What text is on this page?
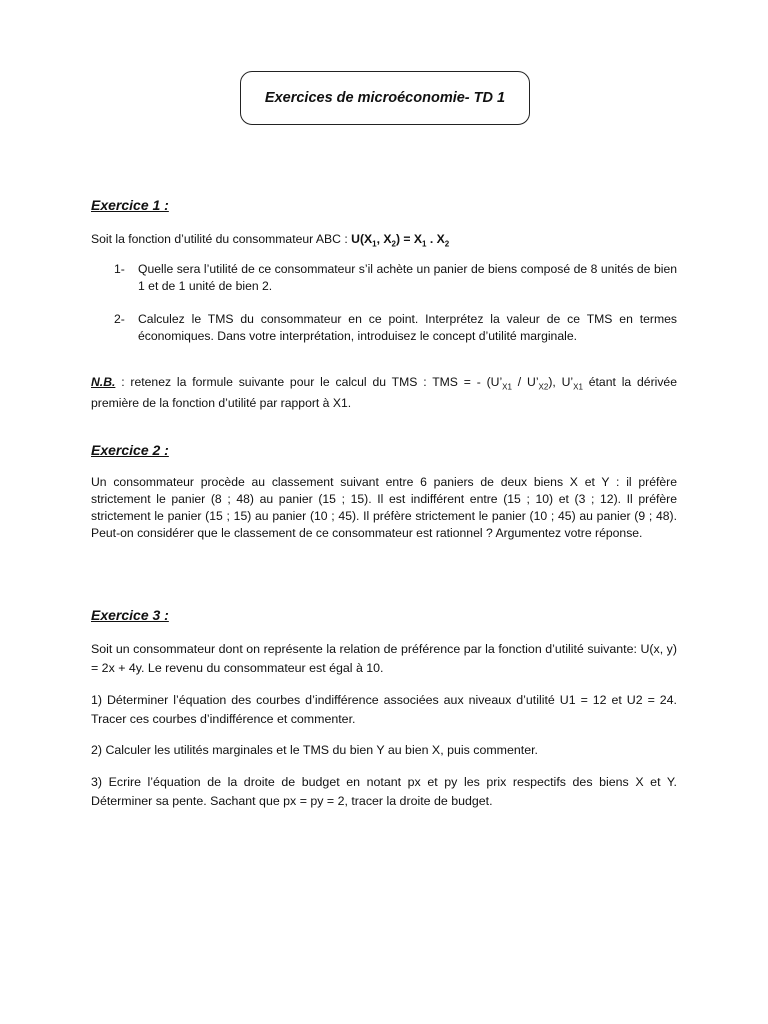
Exercices de microéconomie- TD 1
Exercice 1 :
Soit la fonction d’utilité du consommateur ABC : $U(X_1$, $X_2) = X_1$ . $X_2$
1- Quelle sera l’utilité de ce consommateur s’il achète un panier de biens composé de 8 unités de bien 1 et de 1 unité de bien 2.
2- Calculez le TMS du consommateur en ce point. Interprétez la valeur de ce TMS en termes économiques. Dans votre interprétation, introduisez le concept d’utilité marginale.
N.B. : retenez la formule suivante pour le calcul du TMS : TMS = - ($U’_{X1}$ / $U’_{X2}$), $U’_{X1}$ étant la dérivée première de la fonction d’utilité par rapport à X1.
Exercice 2 :
Un consommateur procède au classement suivant entre 6 paniers de deux biens X et Y : il préfère strictement le panier (8 ; 48) au panier (15 ; 15). Il est indifférent entre (15 ; 10) et (3 ; 12). Il préfère strictement le panier (15 ; 15) au panier (10 ; 45). Il préfère strictement le panier (10 ; 45) au panier (9 ; 48). Peut-on considérer que le classement de ce consommateur est rationnel ? Argumentez votre réponse.
Exercice 3 :
Soit un consommateur dont on représente la relation de préférence par la fonction d’utilité suivante: U(x, y) = 2x + 4y. Le revenu du consommateur est égal à 10.
1) Déterminer l’équation des courbes d’indifférence associées aux niveaux d’utilité U1 = 12 et U2 = 24. Tracer ces courbes d’indifférence et commenter.
2) Calculer les utilités marginales et le TMS du bien Y au bien X, puis commenter.
3) Ecrire l’équation de la droite de budget en notant px et py les prix respectifs des biens X et Y. Déterminer sa pente. Sachant que px = py = 2, tracer la droite de budget.
